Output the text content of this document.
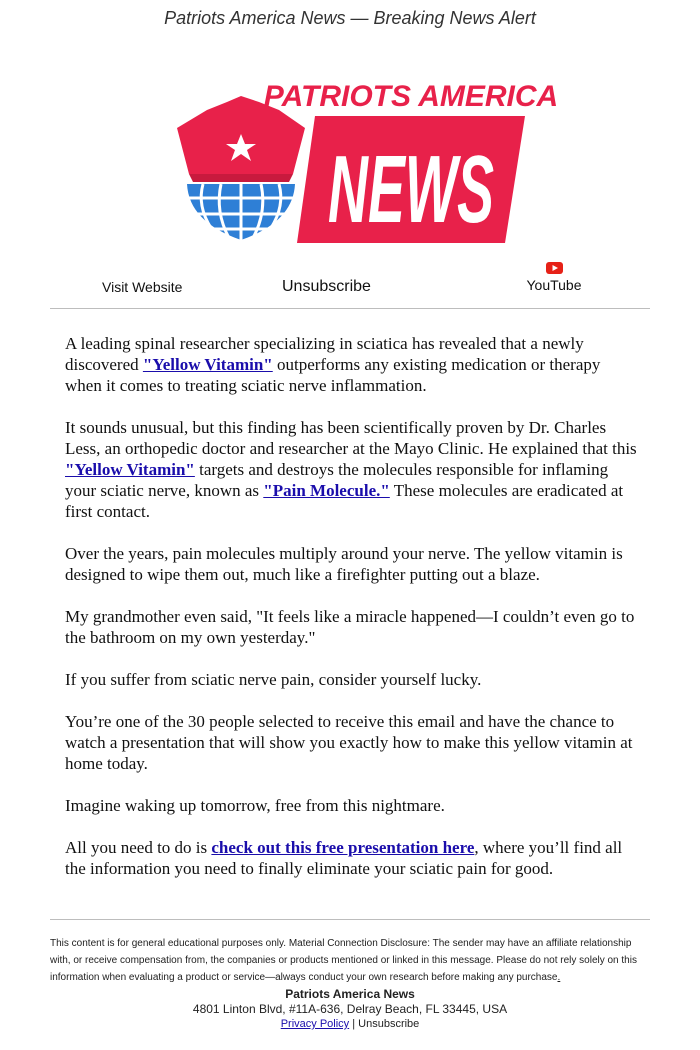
Patriots America News — Breaking News Alert
PATRIOTS AMERICA
NEWS
Visit Website	Unsubscribe	YouTube

A leading spinal researcher specializing in sciatica has revealed that a newly discovered "Yellow Vitamin" outperforms any existing medication or therapy when it comes to treating sciatic nerve inflammation.

It sounds unusual, but this finding has been scientifically proven by Dr. Charles Less, an orthopedic doctor and researcher at the Mayo Clinic. He explained that this "Yellow Vitamin" targets and destroys the molecules responsible for inflaming your sciatic nerve, known as "Pain Molecule." These molecules are eradicated at first contact.

Over the years, pain molecules multiply around your nerve. The yellow vitamin is designed to wipe them out, much like a firefighter putting out a blaze.

My grandmother even said, "It feels like a miracle happened—I couldn’t even go to the bathroom on my own yesterday."

If you suffer from sciatic nerve pain, consider yourself lucky.

You’re one of the 30 people selected to receive this email and have the chance to watch a presentation that will show you exactly how to make this yellow vitamin at home today.

Imagine waking up tomorrow, free from this nightmare.

All you need to do is check out this free presentation here, where you’ll find all the information you need to finally eliminate your sciatic pain for good.

This content is for general educational purposes only. Material Connection Disclosure: The sender may have an affiliate relationship with, or receive compensation from, the companies or products mentioned or linked in this message. Please do not rely solely on this information when evaluating a product or service—always conduct your own research before making any purchase.
Patriots America News
4801 Linton Blvd, #11A-636, Delray Beach, FL 33445, USA
Privacy Policy | Unsubscribe
